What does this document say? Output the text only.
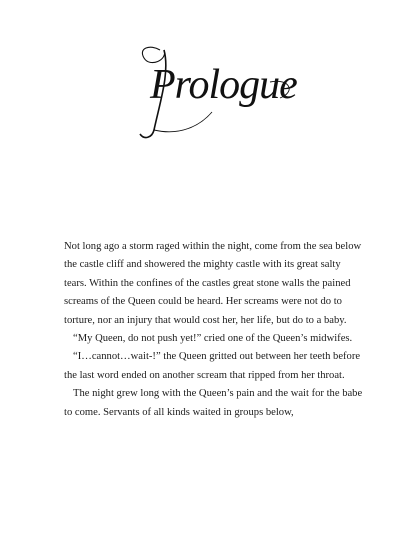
Prologue

Not long ago a storm raged within the night, come from the sea below the castle cliff and showered the mighty castle with its great salty tears. Within the confines of the castles great stone walls the pained screams of the Queen could be heard. Her screams were not do to torture, nor an injury that would cost her, her life, but do to a baby.

“My Queen, do not push yet!” cried one of the Queen’s midwifes.

“I…cannot…wait-!” the Queen gritted out between her teeth before the last word ended on another scream that ripped from her throat.

The night grew long with the Queen’s pain and the wait for the babe to come. Servants of all kinds waited in groups below,
